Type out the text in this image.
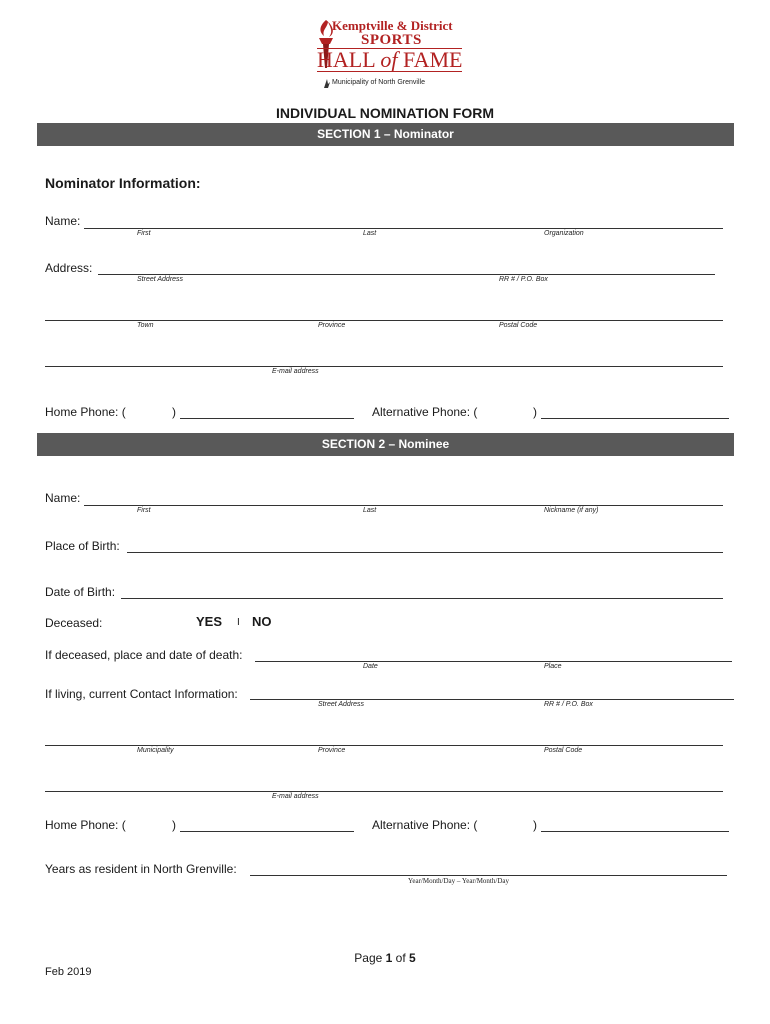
Kemptville & District
SPORTS
HALL of FAME
Municipality of North Grenville
INDIVIDUAL NOMINATION FORM
SECTION 1 – Nominator
Nominator Information:
Name:
First	Last	Organization
Address:
Street Address	RR # / P.O. Box
Town	Province	Postal Code
E-mail address
Home Phone: (	)	Alternative Phone: (	)
SECTION 2 – Nominee
Name:
First	Last	Nickname (if any)
Place of Birth:
Date of Birth:
Deceased:	YES I NO
If deceased, place and date of death:
Date	Place
If living, current Contact Information:
Street Address	RR # / P.O. Box
Municipality	Province	Postal Code
E-mail address
Home Phone: (	)	Alternative Phone: (	)
Years as resident in North Grenville:
Year/Month/Day – Year/Month/Day
Page 1 of 5
Feb 2019
